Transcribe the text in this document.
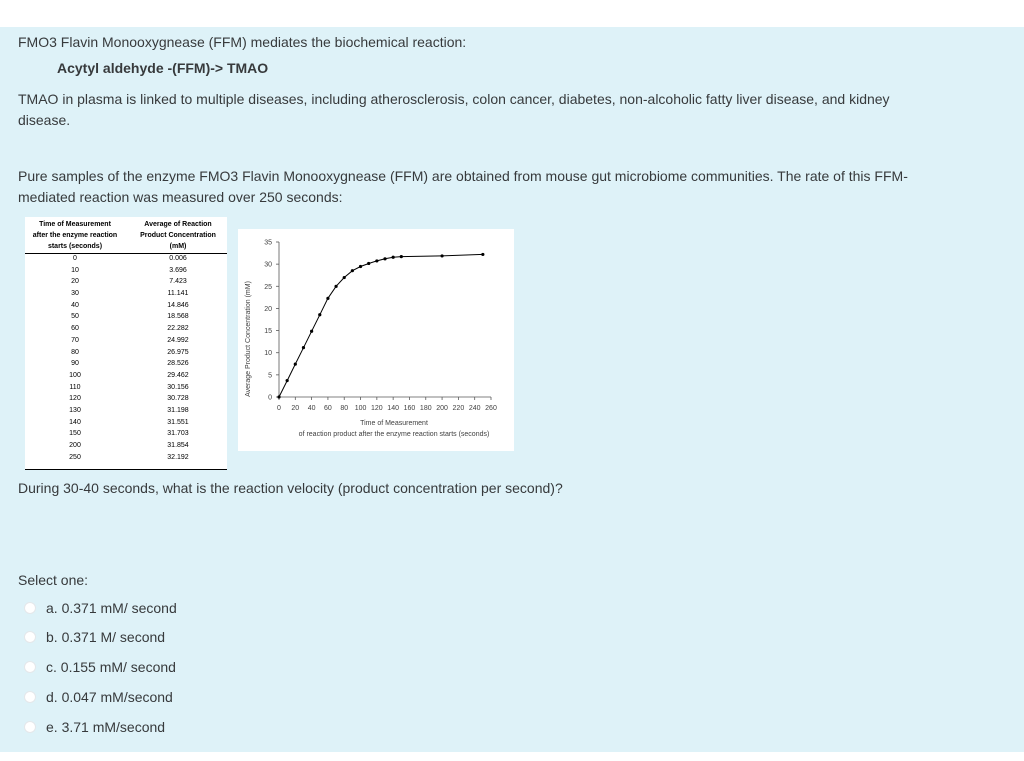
FMO3 Flavin Monooxygnease (FFM) mediates the biochemical reaction:
Acytyl aldehyde -(FFM)-> TMAO
TMAO in plasma is linked to multiple diseases, including atherosclerosis, colon cancer, diabetes, non-alcoholic fatty liver disease, and kidney
disease.
Pure samples of the enzyme FMO3 Flavin Monooxygnease (FFM) are obtained from mouse gut microbiome communities. The rate of this FFM-
mediated reaction was measured over 250 seconds:
Time of Measurement
after the enzyme reaction
starts (seconds)
Average of Reaction
Product Concentration
(mM)
0	0.006
10	3.696
20	7.423
30	11.141
40	14.846
50	18.568
60	22.282
70	24.992
80	26.975
90	28.526
100	29.462
110	30.156
120	30.728
130	31.198
140	31.551
150	31.703
200	31.854
250	32.192
0
5
10
15
20
25
30
35
0 20 40 60 80 100 120 140 160 180 200 220 240 260
Average Product Concentration (mM)
Time of Measurement
of reaction product after the enzyme reaction starts (seconds)
During 30-40 seconds, what is the reaction velocity (product concentration per second)?
Select one:
a. 0.371 mM/ second
b. 0.371 M/ second
c. 0.155 mM/ second
d. 0.047 mM/second
e. 3.71 mM/second
